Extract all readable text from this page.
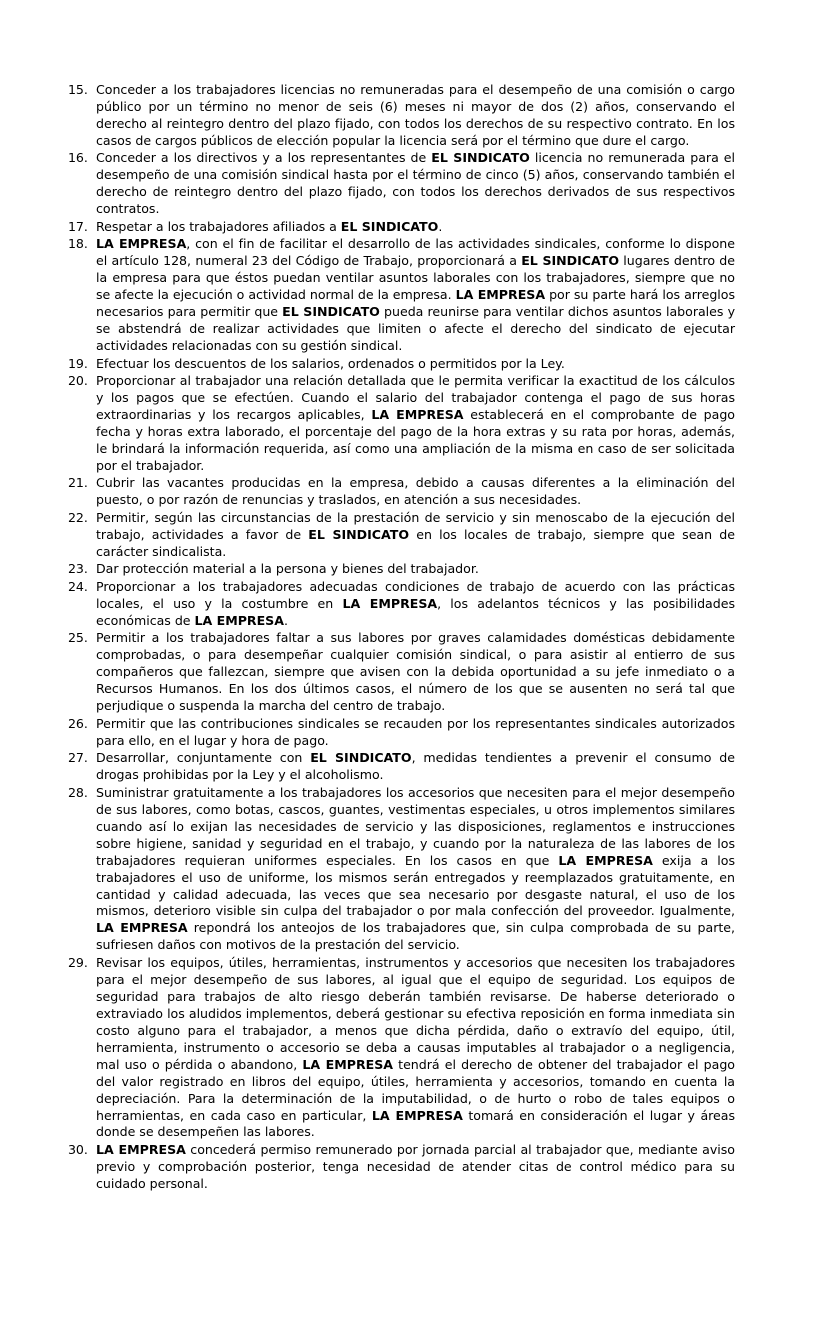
15. Conceder a los trabajadores licencias no remuneradas para el desempeño de una comisión o cargo público por un término no menor de seis (6) meses ni mayor de dos (2) años, conservando el derecho al reintegro dentro del plazo fijado, con todos los derechos de su respectivo contrato. En los casos de cargos públicos de elección popular la licencia será por el término que dure el cargo.
16. Conceder a los directivos y a los representantes de EL SINDICATO licencia no remunerada para el desempeño de una comisión sindical hasta por el término de cinco (5) años, conservando también el derecho de reintegro dentro del plazo fijado, con todos los derechos derivados de sus respectivos contratos.
17. Respetar a los trabajadores afiliados a EL SINDICATO.
18. LA EMPRESA, con el fin de facilitar el desarrollo de las actividades sindicales, conforme lo dispone el artículo 128, numeral 23 del Código de Trabajo, proporcionará a EL SINDICATO lugares dentro de la empresa para que éstos puedan ventilar asuntos laborales con los trabajadores, siempre que no se afecte la ejecución o actividad normal de la empresa. LA EMPRESA por su parte hará los arreglos necesarios para permitir que EL SINDICATO pueda reunirse para ventilar dichos asuntos laborales y se abstendrá de realizar actividades que limiten o afecte el derecho del sindicato de ejecutar actividades relacionadas con su gestión sindical.
19. Efectuar los descuentos de los salarios, ordenados o permitidos por la Ley.
20. Proporcionar al trabajador una relación detallada que le permita verificar la exactitud de los cálculos y los pagos que se efectúen. Cuando el salario del trabajador contenga el pago de sus horas extraordinarias y los recargos aplicables, LA EMPRESA establecerá en el comprobante de pago fecha y horas extra laborado, el porcentaje del pago de la hora extras y su rata por horas, además, le brindará la información requerida, así como una ampliación de la misma en caso de ser solicitada por el trabajador.
21. Cubrir las vacantes producidas en la empresa, debido a causas diferentes a la eliminación del puesto, o por razón de renuncias y traslados, en atención a sus necesidades.
22. Permitir, según las circunstancias de la prestación de servicio y sin menoscabo de la ejecución del trabajo, actividades a favor de EL SINDICATO en los locales de trabajo, siempre que sean de carácter sindicalista.
23. Dar protección material a la persona y bienes del trabajador.
24. Proporcionar a los trabajadores adecuadas condiciones de trabajo de acuerdo con las prácticas locales, el uso y la costumbre en LA EMPRESA, los adelantos técnicos y las posibilidades económicas de LA EMPRESA.
25. Permitir a los trabajadores faltar a sus labores por graves calamidades domésticas debidamente comprobadas, o para desempeñar cualquier comisión sindical, o para asistir al entierro de sus compañeros que fallezcan, siempre que avisen con la debida oportunidad a su jefe inmediato o a Recursos Humanos. En los dos últimos casos, el número de los que se ausenten no será tal que perjudique o suspenda la marcha del centro de trabajo.
26. Permitir que las contribuciones sindicales se recauden por los representantes sindicales autorizados para ello, en el lugar y hora de pago.
27. Desarrollar, conjuntamente con EL SINDICATO, medidas tendientes a prevenir el consumo de drogas prohibidas por la Ley y el alcoholismo.
28. Suministrar gratuitamente a los trabajadores los accesorios que necesiten para el mejor desempeño de sus labores, como botas, cascos, guantes, vestimentas especiales, u otros implementos similares cuando así lo exijan las necesidades de servicio y las disposiciones, reglamentos e instrucciones sobre higiene, sanidad y seguridad en el trabajo, y cuando por la naturaleza de las labores de los trabajadores requieran uniformes especiales. En los casos en que LA EMPRESA exija a los trabajadores el uso de uniforme, los mismos serán entregados y reemplazados gratuitamente, en cantidad y calidad adecuada, las veces que sea necesario por desgaste natural, el uso de los mismos, deterioro visible sin culpa del trabajador o por mala confección del proveedor. Igualmente, LA EMPRESA repondrá los anteojos de los trabajadores que, sin culpa comprobada de su parte, sufriesen daños con motivos de la prestación del servicio.
29. Revisar los equipos, útiles, herramientas, instrumentos y accesorios que necesiten los trabajadores para el mejor desempeño de sus labores, al igual que el equipo de seguridad. Los equipos de seguridad para trabajos de alto riesgo deberán también revisarse. De haberse deteriorado o extraviado los aludidos implementos, deberá gestionar su efectiva reposición en forma inmediata sin costo alguno para el trabajador, a menos que dicha pérdida, daño o extravío del equipo, útil, herramienta, instrumento o accesorio se deba a causas imputables al trabajador o a negligencia, mal uso o pérdida o abandono, LA EMPRESA tendrá el derecho de obtener del trabajador el pago del valor registrado en libros del equipo, útiles, herramienta y accesorios, tomando en cuenta la depreciación. Para la determinación de la imputabilidad, o de hurto o robo de tales equipos o herramientas, en cada caso en particular, LA EMPRESA tomará en consideración el lugar y áreas donde se desempeñen las labores.
30. LA EMPRESA concederá permiso remunerado por jornada parcial al trabajador que, mediante aviso previo y comprobación posterior, tenga necesidad de atender citas de control médico para su cuidado personal.
